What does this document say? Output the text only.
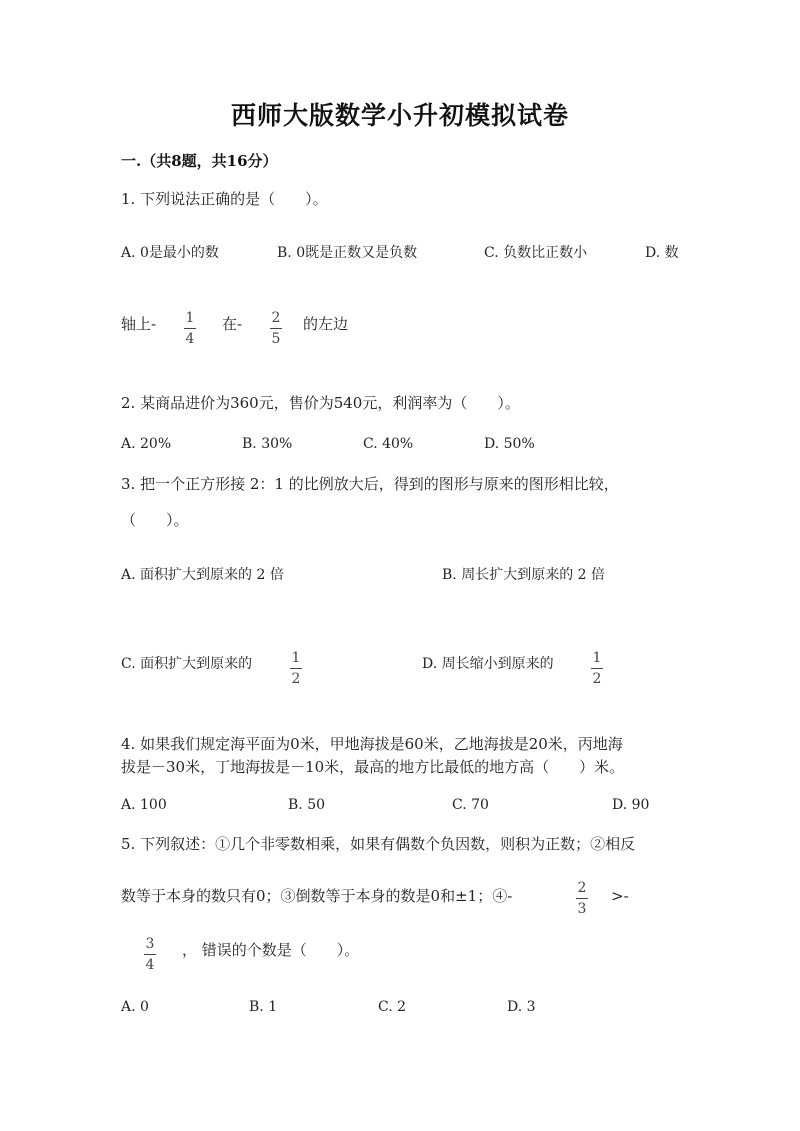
西师大版数学小升初模拟试卷
一.（共8题，共16分）
1. 下列说法正确的是（　　）。
A. 0是最小的数	B. 0既是正数又是负数	C. 负数比正数小	D. 数
轴上- 1
4
在- 2
5
的左边
2. 某商品进价为360元，售价为540元，利润率为（　　）。
A. 20%	B. 30%	C. 40%	D. 50%
3. 把一个正方形接 2：1 的比例放大后，得到的图形与原来的图形相比较，
（　　）。
A. 面积扩大到原来的 2 倍	B. 周长扩大到原来的 2 倍
C. 面积扩大到原来的	1
2
D. 周长缩小到原来的	1
2
4. 如果我们规定海平面为0米，甲地海拔是60米，乙地海拔是20米，丙地海
拔是－30米，丁地海拔是－10米，最高的地方比最低的地方高（　　）米。
A. 100	B. 50	C. 70	D. 90
5. 下列叙述：①几个非零数相乘，如果有偶数个负因数，则积为正数；②相反
数等于本身的数只有0；③倒数等于本身的数是0和±1；④-	2
3
>-
3
4
， 错误的个数是（　　）。
A. 0	B. 1	C. 2	D. 3
